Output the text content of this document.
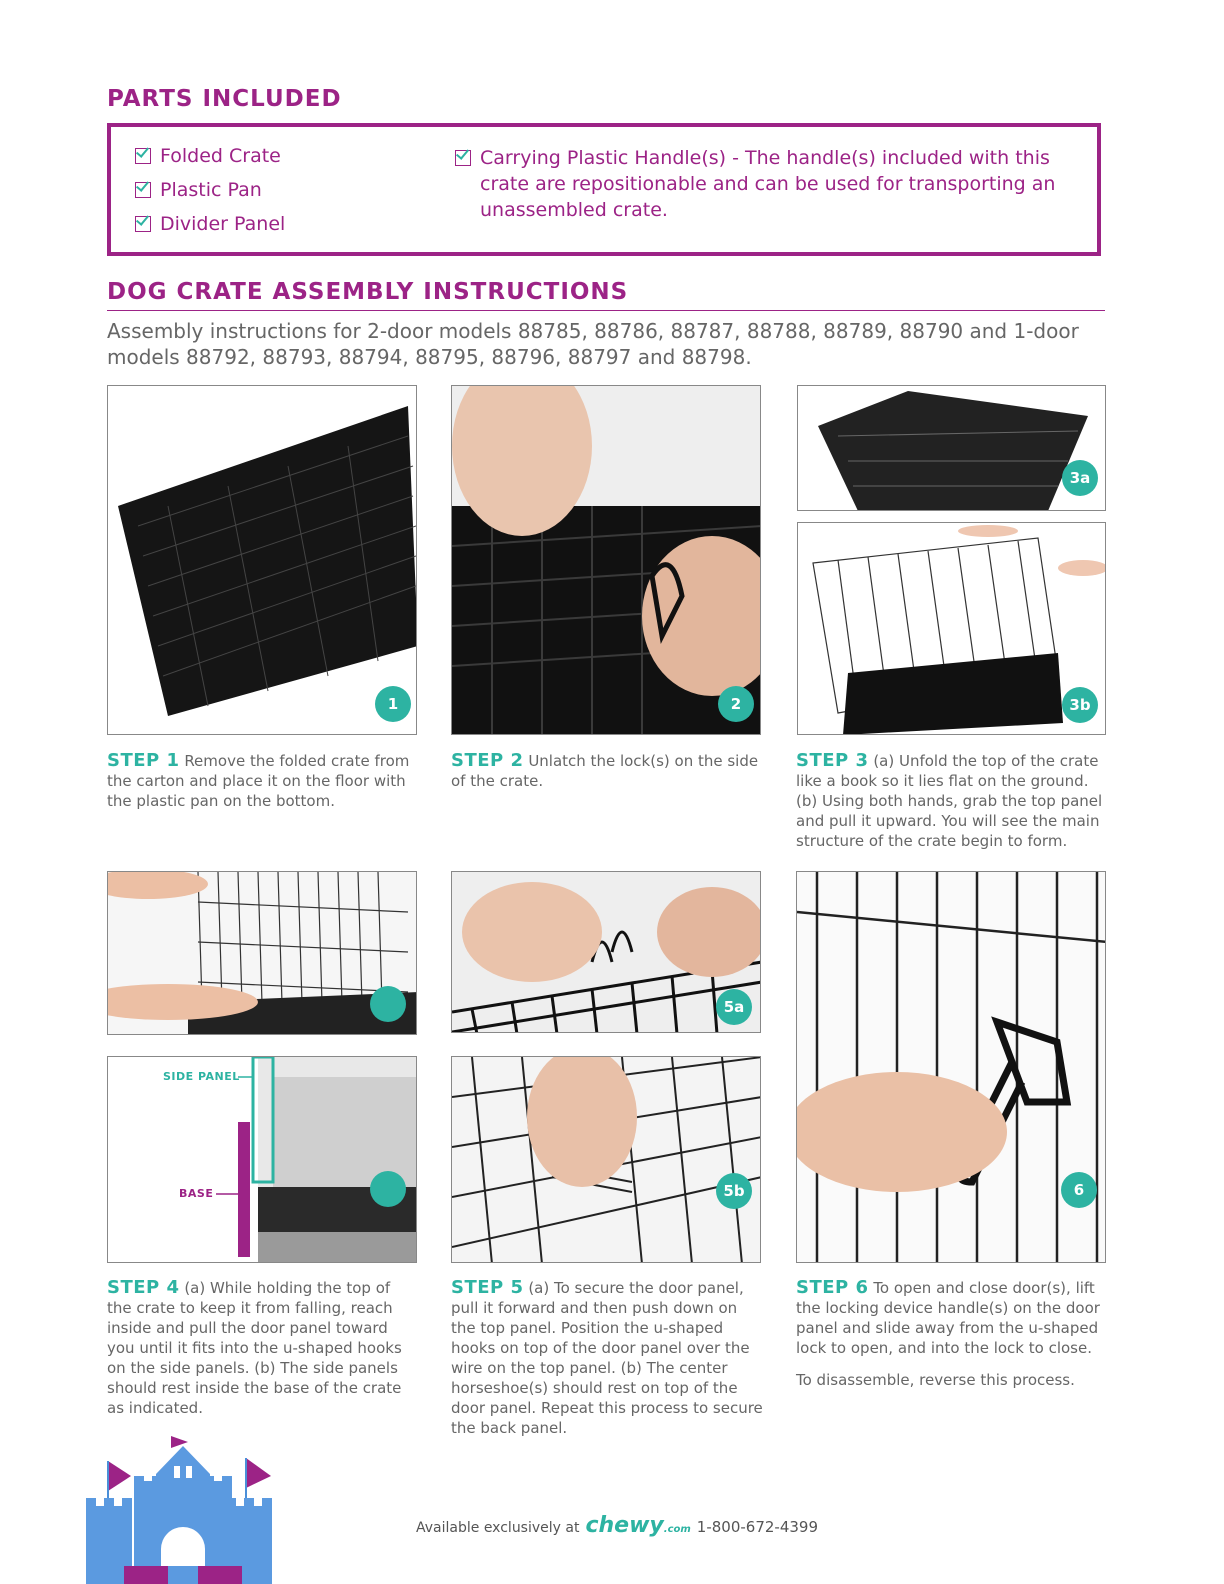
PARTS INCLUDED
Folded Crate
Plastic Pan
Divider Panel
Carrying Plastic Handle(s) - The handle(s) included with this crate are repositionable and can be used for transporting an unassembled crate.
DOG CRATE ASSEMBLY INSTRUCTIONS
Assembly instructions for 2-door models 88785, 88786, 88787, 88788, 88789, 88790 and 1-door
models 88792, 88793, 88794, 88795, 88796, 88797 and 88798.
1	2
3a
3b
STEP 1 Remove the folded crate from the carton and place it on the floor with the plastic pan on the bottom.
STEP 2 Unlatch the lock(s) on the side of the crate.
STEP 3 (a) Unfold the top of the crate like a book so it lies flat on the ground. (b) Using both hands, grab the top panel and pull it upward. You will see the main structure of the crate begin to form.
SIDE PANEL
BASE
5a
5b	6
STEP 4 (a) While holding the top of the crate to keep it from falling, reach inside and pull the door panel toward you until it fits into the u-shaped hooks on the side panels. (b) The side panels should rest inside the base of the crate as indicated.
STEP 5 (a) To secure the door panel, pull it forward and then push down on the top panel. Position the u-shaped hooks on top of the door panel over the wire on the top panel. (b) The center horseshoe(s) should rest on top of the door panel. Repeat this process to secure the back panel.
STEP 6 To open and close door(s), lift the locking device handle(s) on the door panel and slide away from the u-shaped lock to open, and into the lock to close.
To disassemble, reverse this process.
Available exclusively at chewy.com 1-800-672-4399
